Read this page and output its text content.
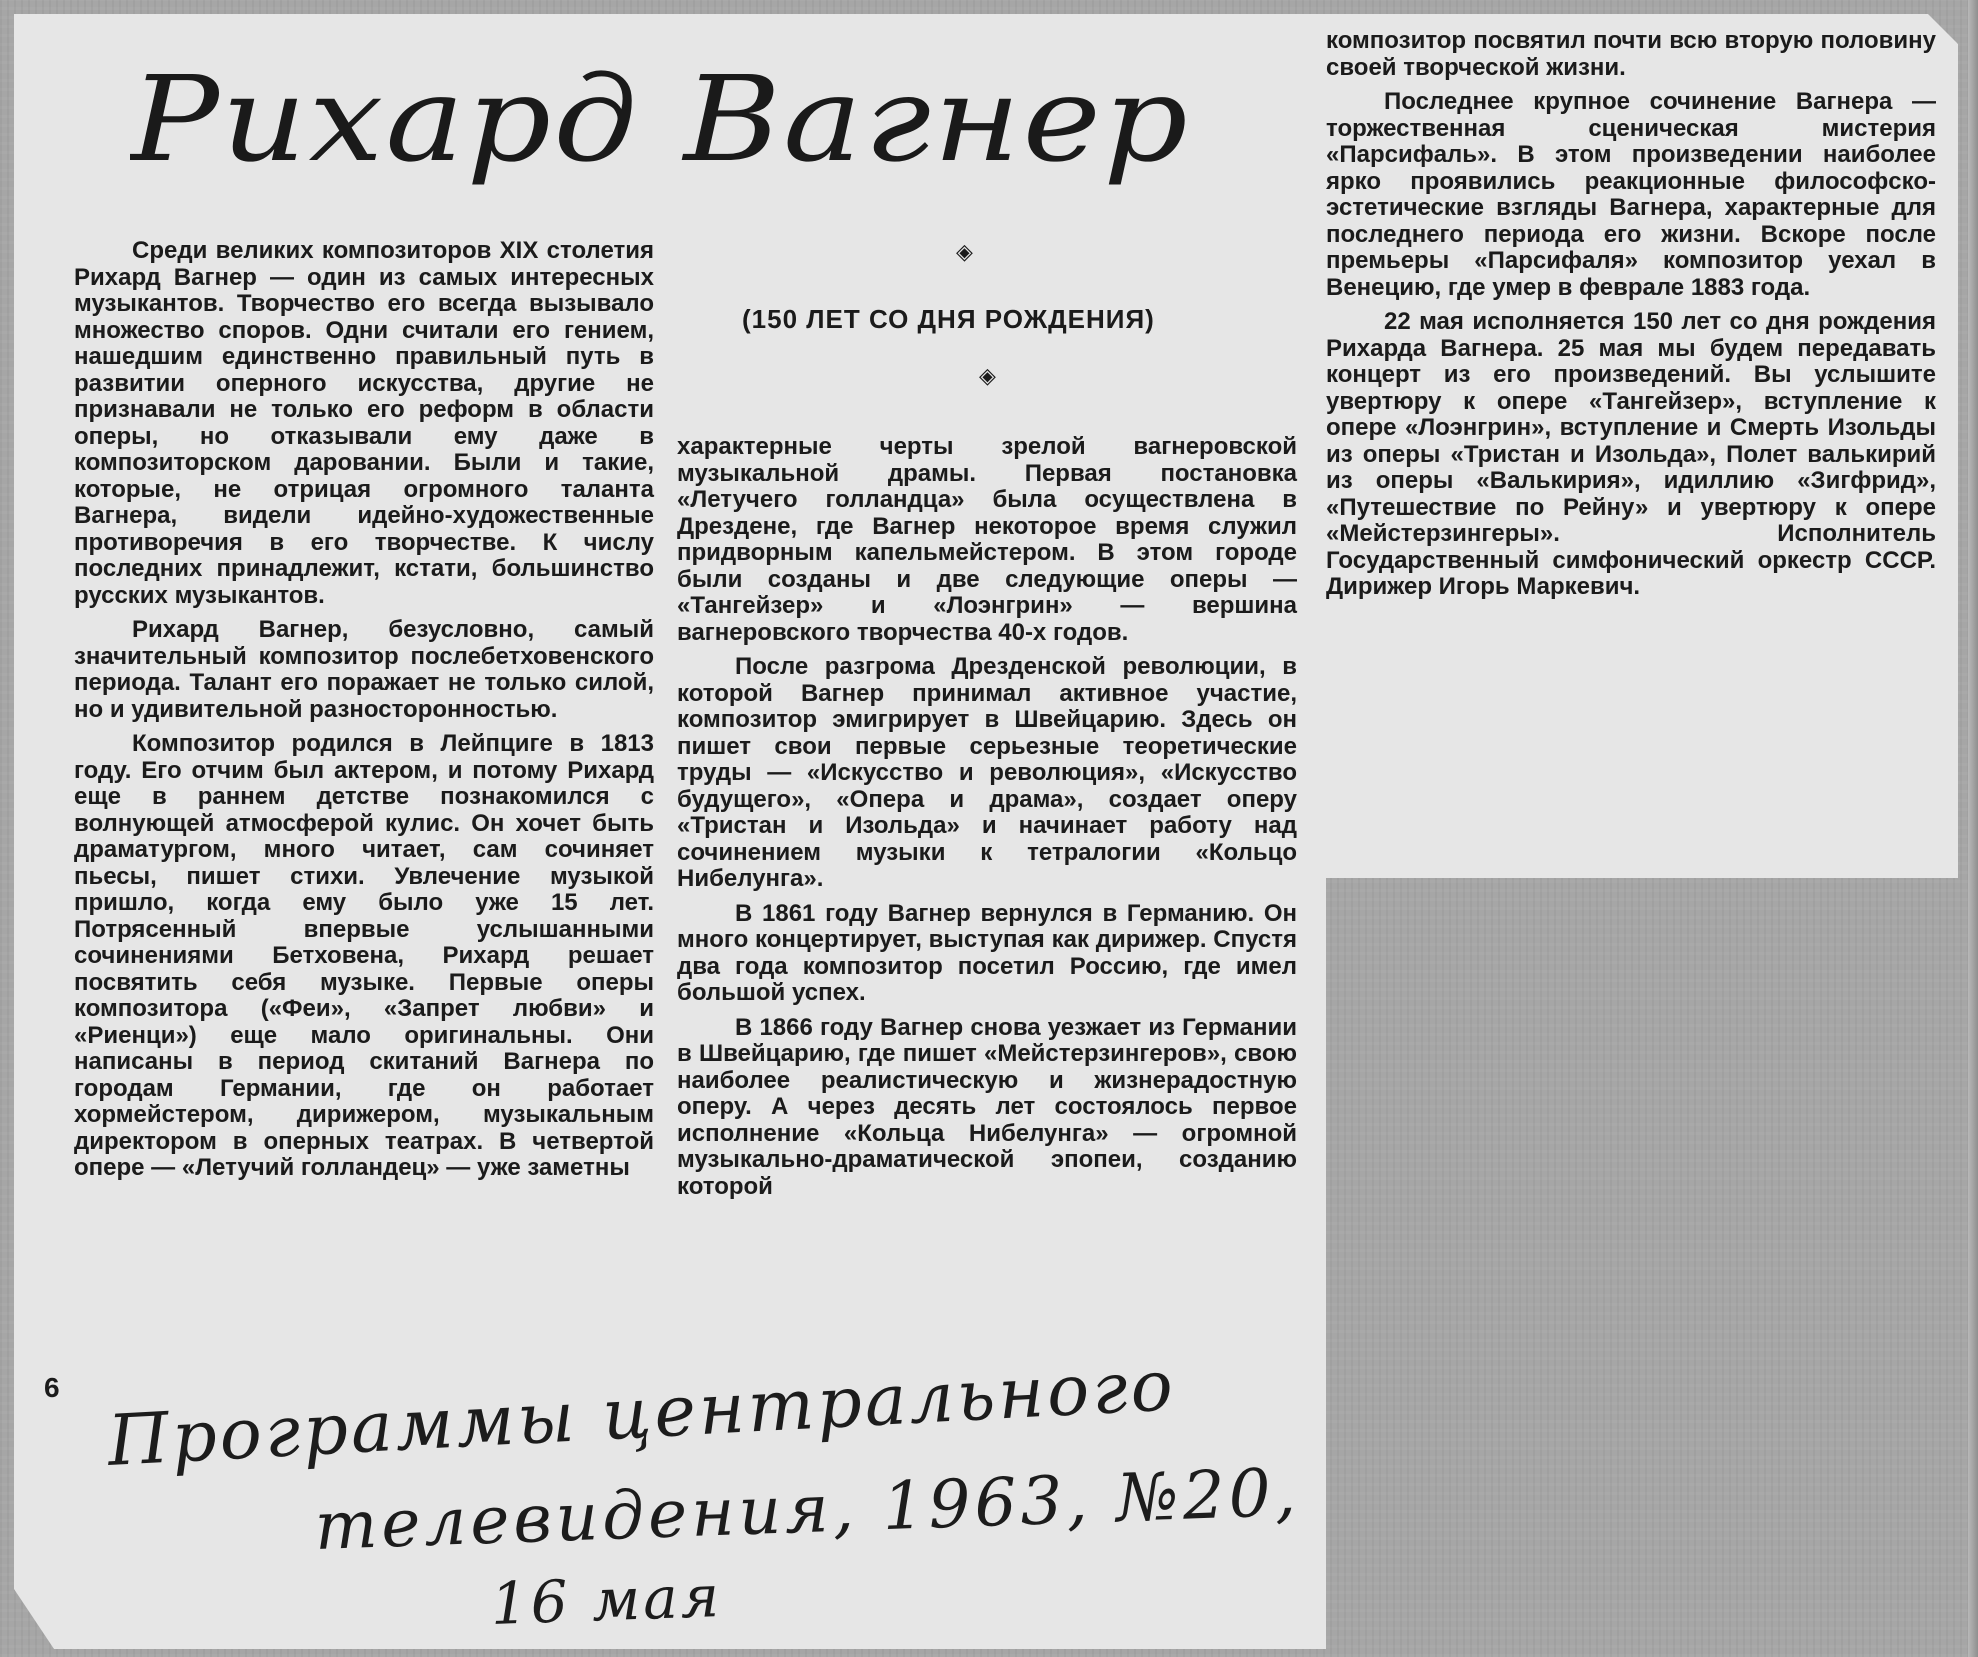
Рихард Вагнер
◈
(150 ЛЕТ СО ДНЯ РОЖДЕНИЯ)
◈

Среди великих композиторов XIX столетия Рихард Вагнер — один из самых интересных музыкантов. Творчество его всегда вызывало множество споров. Одни считали его гением, нашедшим единственно правильный путь в развитии оперного искусства, другие не признавали не только его реформ в области оперы, но отказывали ему даже в композиторском даровании. Были и такие, которые, не отрицая огромного таланта Вагнера, видели идейно-художественные противоречия в его творчестве. К числу последних принадлежит, кстати, большинство русских музыкантов.

Рихард Вагнер, безусловно, самый значительный композитор послебетховенского периода. Талант его поражает не только силой, но и удивительной разносторонностью.

Композитор родился в Лейпциге в 1813 году. Его отчим был актером, и потому Рихард еще в раннем детстве познакомился с волнующей атмосферой кулис. Он хочет быть драматургом, много читает, сам сочиняет пьесы, пишет стихи. Увлечение музыкой пришло, когда ему было уже 15 лет. Потрясенный впервые услышанными сочинениями Бетховена, Рихард решает посвятить себя музыке. Первые оперы композитора («Феи», «Запрет любви» и «Риенци») еще мало оригинальны. Они написаны в период скитаний Вагнера по городам Германии, где он работает хормейстером, дирижером, музыкальным директором в оперных театрах. В четвертой опере — «Летучий голландец» — уже заметны

характерные черты зрелой вагнеровской музыкальной драмы. Первая постановка «Летучего голландца» была осуществлена в Дрездене, где Вагнер некоторое время служил придворным капельмейстером. В этом городе были созданы и две следующие оперы — «Тангейзер» и «Лоэнгрин» — вершина вагнеровского творчества 40-х годов.

После разгрома Дрезденской революции, в которой Вагнер принимал активное участие, композитор эмигрирует в Швейцарию. Здесь он пишет свои первые серьезные теоретические труды — «Искусство и революция», «Искусство будущего», «Опера и драма», создает оперу «Тристан и Изольда» и начинает работу над сочинением музыки к тетралогии «Кольцо Нибелунга».

В 1861 году Вагнер вернулся в Германию. Он много концертирует, выступая как дирижер. Спустя два года композитор посетил Россию, где имел большой успех.

В 1866 году Вагнер снова уезжает из Германии в Швейцарию, где пишет «Мейстерзингеров», свою наиболее реалистическую и жизнерадостную оперу. А через десять лет состоялось первое исполнение «Кольца Нибелунга» — огромной музыкально-драматической эпопеи, созданию которой

композитор посвятил почти всю вторую половину своей творческой жизни.

Последнее крупное сочинение Вагнера — торжественная сценическая мистерия «Парсифаль». В этом произведении наиболее ярко проявились реакционные философско-эстетические взгляды Вагнера, характерные для последнего периода его жизни. Вскоре после премьеры «Парсифаля» композитор уехал в Венецию, где умер в феврале 1883 года.

22 мая исполняется 150 лет со дня рождения Рихарда Вагнера. 25 мая мы будем передавать концерт из его произведений. Вы услышите увертюру к опере «Тангейзер», вступление к опере «Лоэнгрин», вступление и Смерть Изольды из оперы «Тристан и Изольда», Полет валькирий из оперы «Валькирия», идиллию «Зигфрид», «Путешествие по Рейну» и увертюру к опере «Мейстерзингеры». Исполнитель Государственный симфонический оркестр СССР. Дирижер Игорь Маркевич.

6 Программы центрального
телевидения, 1963, №20,
16 мая
